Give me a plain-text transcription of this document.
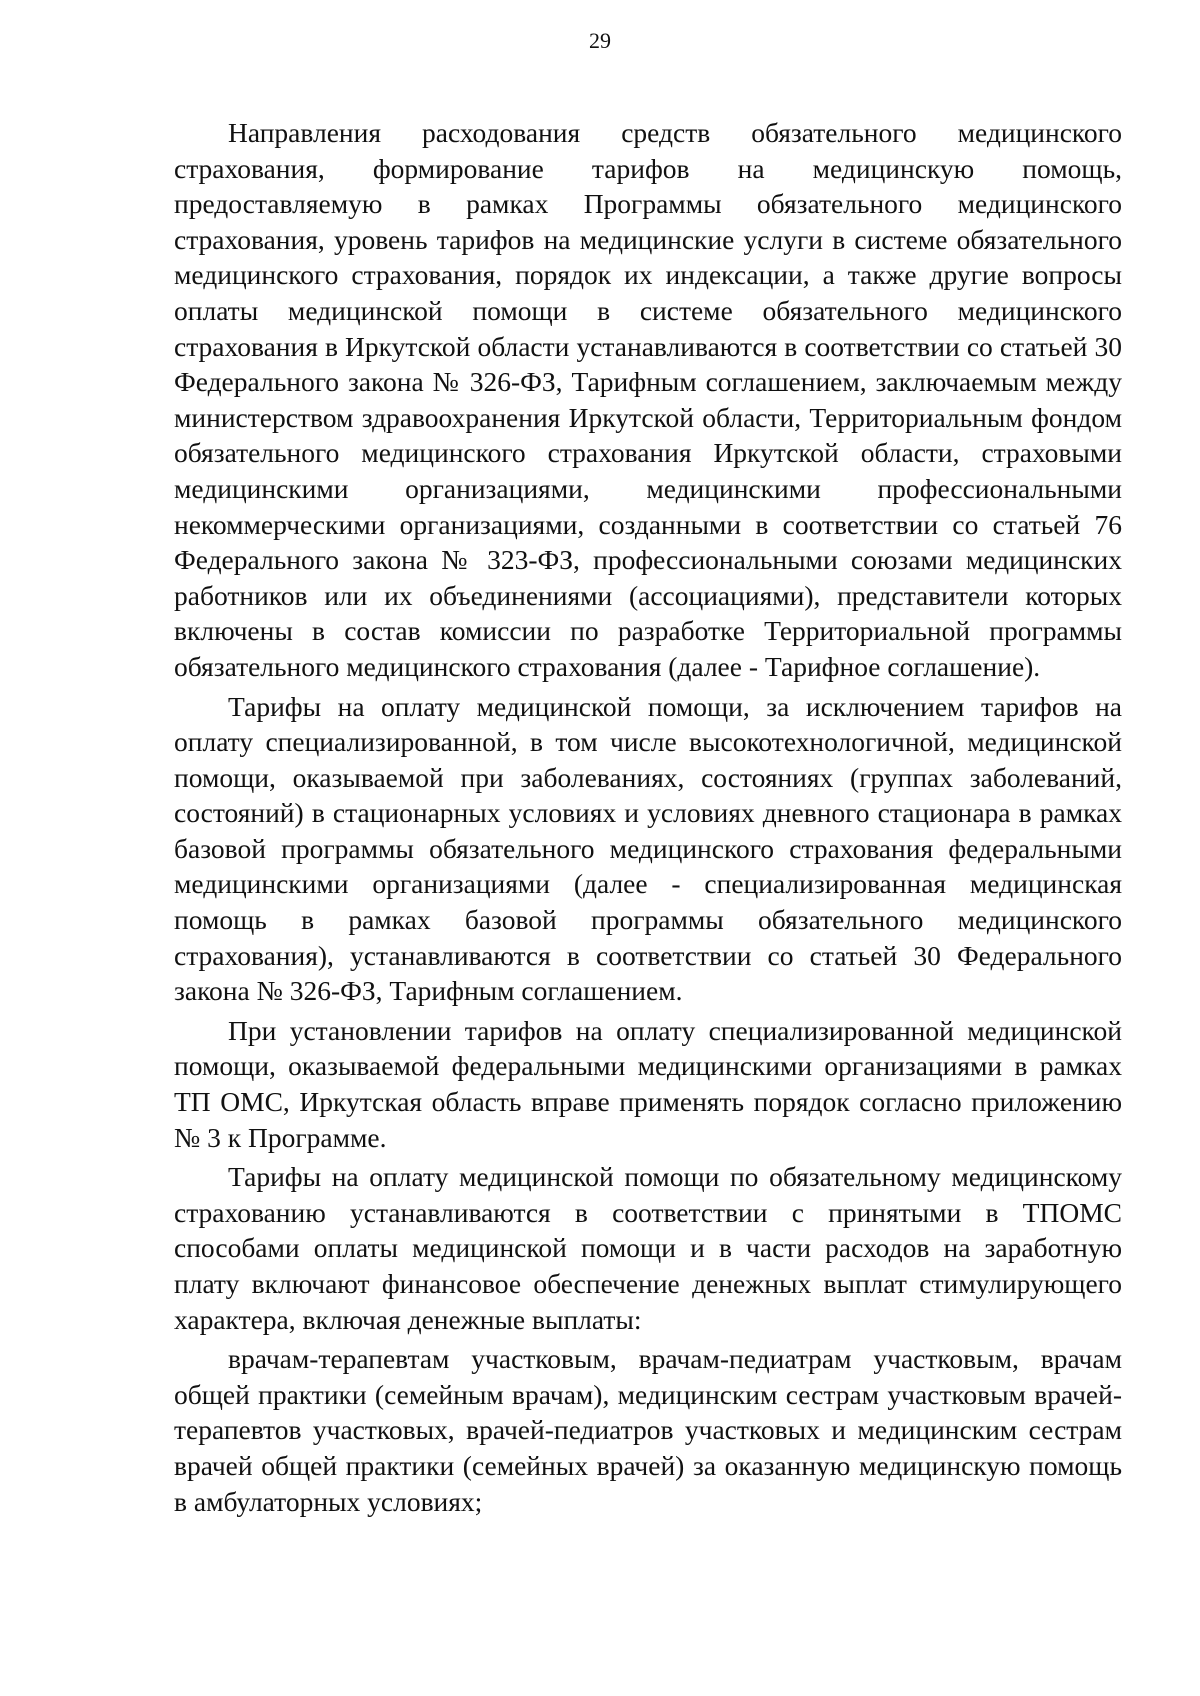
29

Направления расходования средств обязательного медицинского страхования, формирование тарифов на медицинскую помощь, предоставляемую в рамках Программы обязательного медицинского страхования, уровень тарифов на медицинские услуги в системе обязательного медицинского страхования, порядок их индексации, а также другие вопросы оплаты медицинской помощи в системе обязательного медицинского страхования в Иркутской области устанавливаются в соответствии со статьей 30 Федерального закона № 326-ФЗ, Тарифным соглашением, заключаемым между министерством здравоохранения Иркутской области, Территориальным фондом обязательного медицинского страхования Иркутской области, страховыми медицинскими организациями, медицинскими профессиональными некоммерческими организациями, созданными в соответствии со статьей 76 Федерального закона № 323-ФЗ, профессиональными союзами медицинских работников или их объединениями (ассоциациями), представители которых включены в состав комиссии по разработке Территориальной программы обязательного медицинского страхования (далее - Тарифное соглашение).

Тарифы на оплату медицинской помощи, за исключением тарифов на оплату специализированной, в том числе высокотехнологичной, медицинской помощи, оказываемой при заболеваниях, состояниях (группах заболеваний, состояний) в стационарных условиях и условиях дневного стационара в рамках базовой программы обязательного медицинского страхования федеральными медицинскими организациями (далее - специализированная медицинская помощь в рамках базовой программы обязательного медицинского страхования), устанавливаются в соответствии со статьей 30 Федерального закона № 326-ФЗ, Тарифным соглашением.

При установлении тарифов на оплату специализированной медицинской помощи, оказываемой федеральными медицинскими организациями в рамках ТП ОМС, Иркутская область вправе применять порядок согласно приложению № 3 к Программе.

Тарифы на оплату медицинской помощи по обязательному медицинскому страхованию устанавливаются в соответствии с принятыми в ТПОМС способами оплаты медицинской помощи и в части расходов на заработную плату включают финансовое обеспечение денежных выплат стимулирующего характера, включая денежные выплаты:

врачам-терапевтам участковым, врачам-педиатрам участковым, врачам общей практики (семейным врачам), медицинским сестрам участковым врачей-терапевтов участковых, врачей-педиатров участковых и медицинским сестрам врачей общей практики (семейных врачей) за оказанную медицинскую помощь в амбулаторных условиях;
